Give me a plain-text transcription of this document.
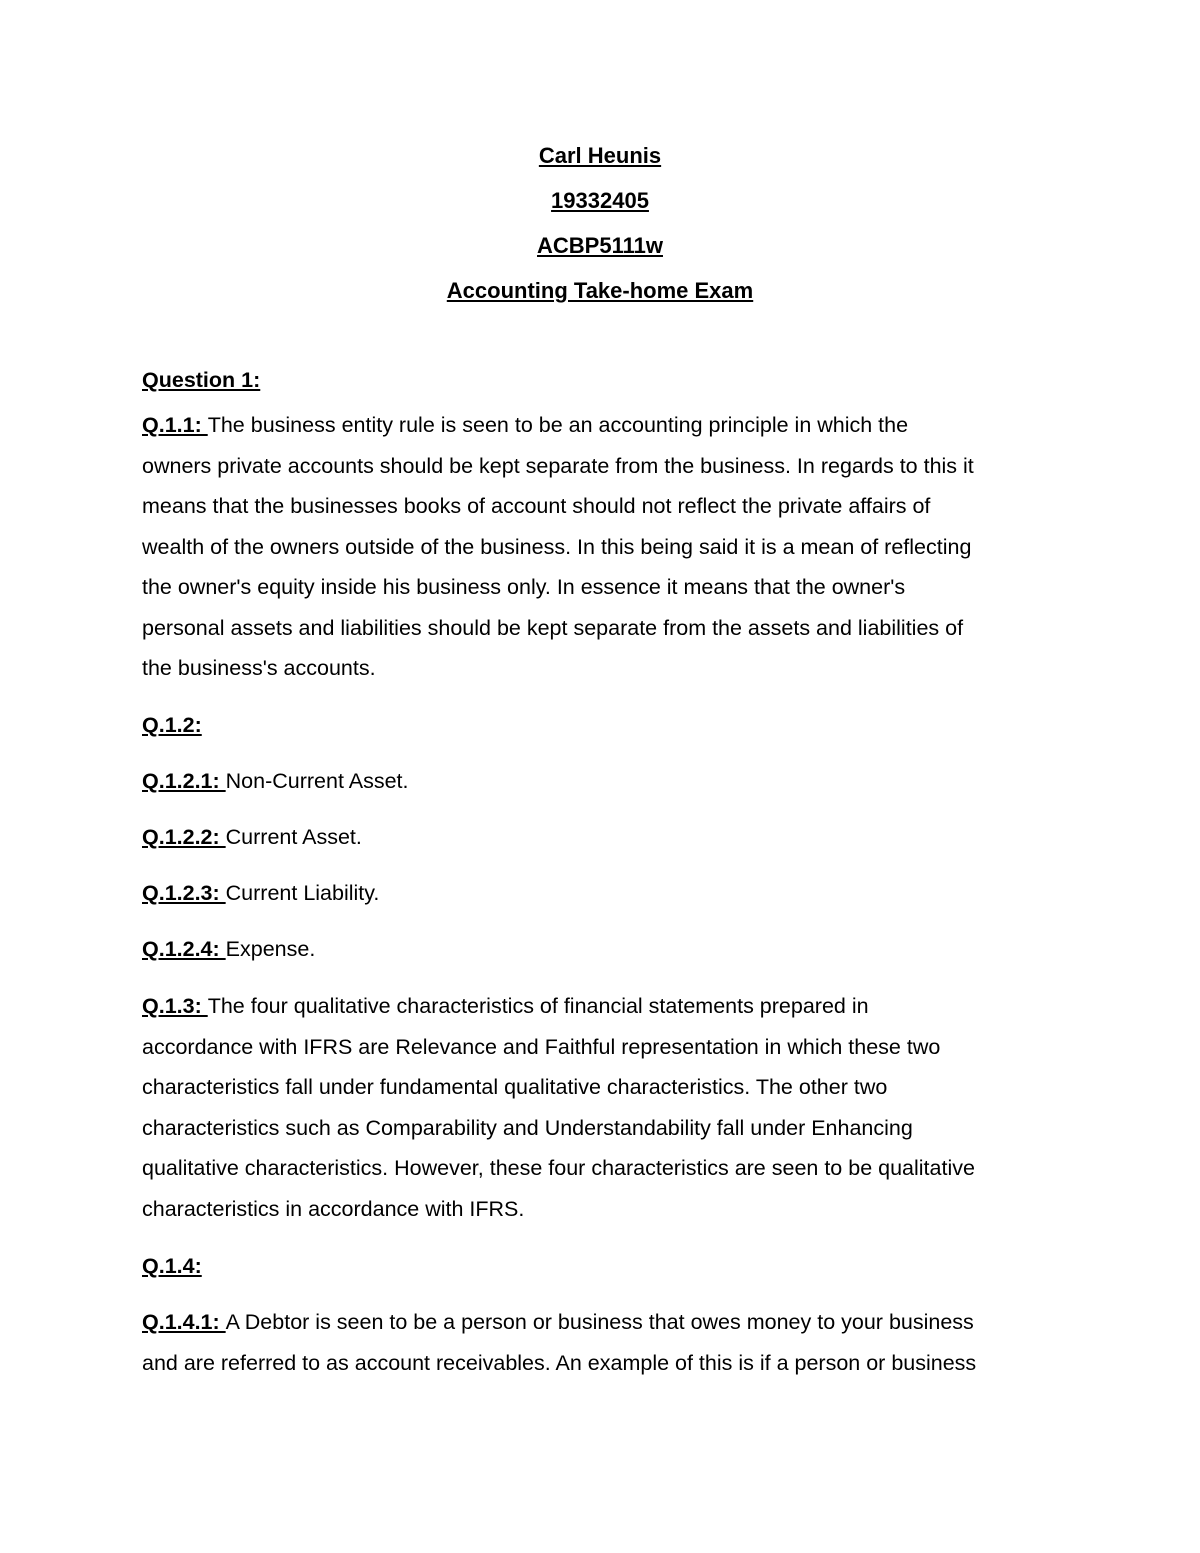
Carl Heunis
19332405
ACBP5111w
Accounting Take-home Exam
Question 1:
Q.1.1: The business entity rule is seen to be an accounting principle in which the
owners private accounts should be kept separate from the business. In regards to this it
means that the businesses books of account should not reflect the private affairs of
wealth of the owners outside of the business. In this being said it is a mean of reflecting
the owner's equity inside his business only. In essence it means that the owner's
personal assets and liabilities should be kept separate from the assets and liabilities of
the business's accounts.
Q.1.2:
Q.1.2.1: Non-Current Asset.
Q.1.2.2: Current Asset.
Q.1.2.3: Current Liability.
Q.1.2.4: Expense.
Q.1.3: The four qualitative characteristics of financial statements prepared in
accordance with IFRS are Relevance and Faithful representation in which these two
characteristics fall under fundamental qualitative characteristics. The other two
characteristics such as Comparability and Understandability fall under Enhancing
qualitative characteristics. However, these four characteristics are seen to be qualitative
characteristics in accordance with IFRS.
Q.1.4:
Q.1.4.1: A Debtor is seen to be a person or business that owes money to your business
and are referred to as account receivables. An example of this is if a person or business
